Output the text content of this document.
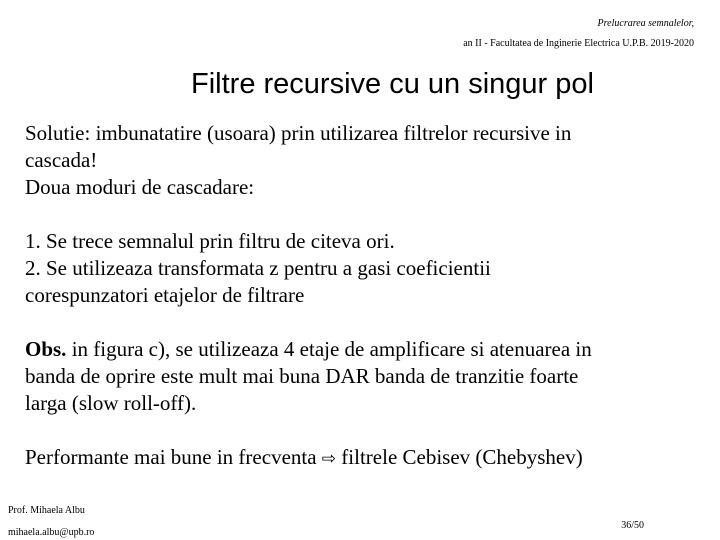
Prelucrarea semnalelor,
an II - Facultatea de Inginerie Electrica U.P.B. 2019-2020
Filtre recursive cu un singur pol

Solutie: imbunatatire (usoara) prin utilizarea filtrelor recursive in

cascada!

Doua moduri de cascadare:

1. Se trece semnalul prin filtru de citeva ori.

2. Se utilizeaza transformata z pentru a gasi coeficientii

corespunzatori etajelor de filtrare

Obs. in figura c), se utilizeaza 4 etaje de amplificare si atenuarea in

banda de oprire este mult mai buna DAR banda de tranzitie foarte

larga (slow roll-off).

Performante mai bune in frecventa ⇨ filtrele Cebisev (Chebyshev)

Prof. Mihaela Albu
mihaela.albu@upb.ro
36/50
